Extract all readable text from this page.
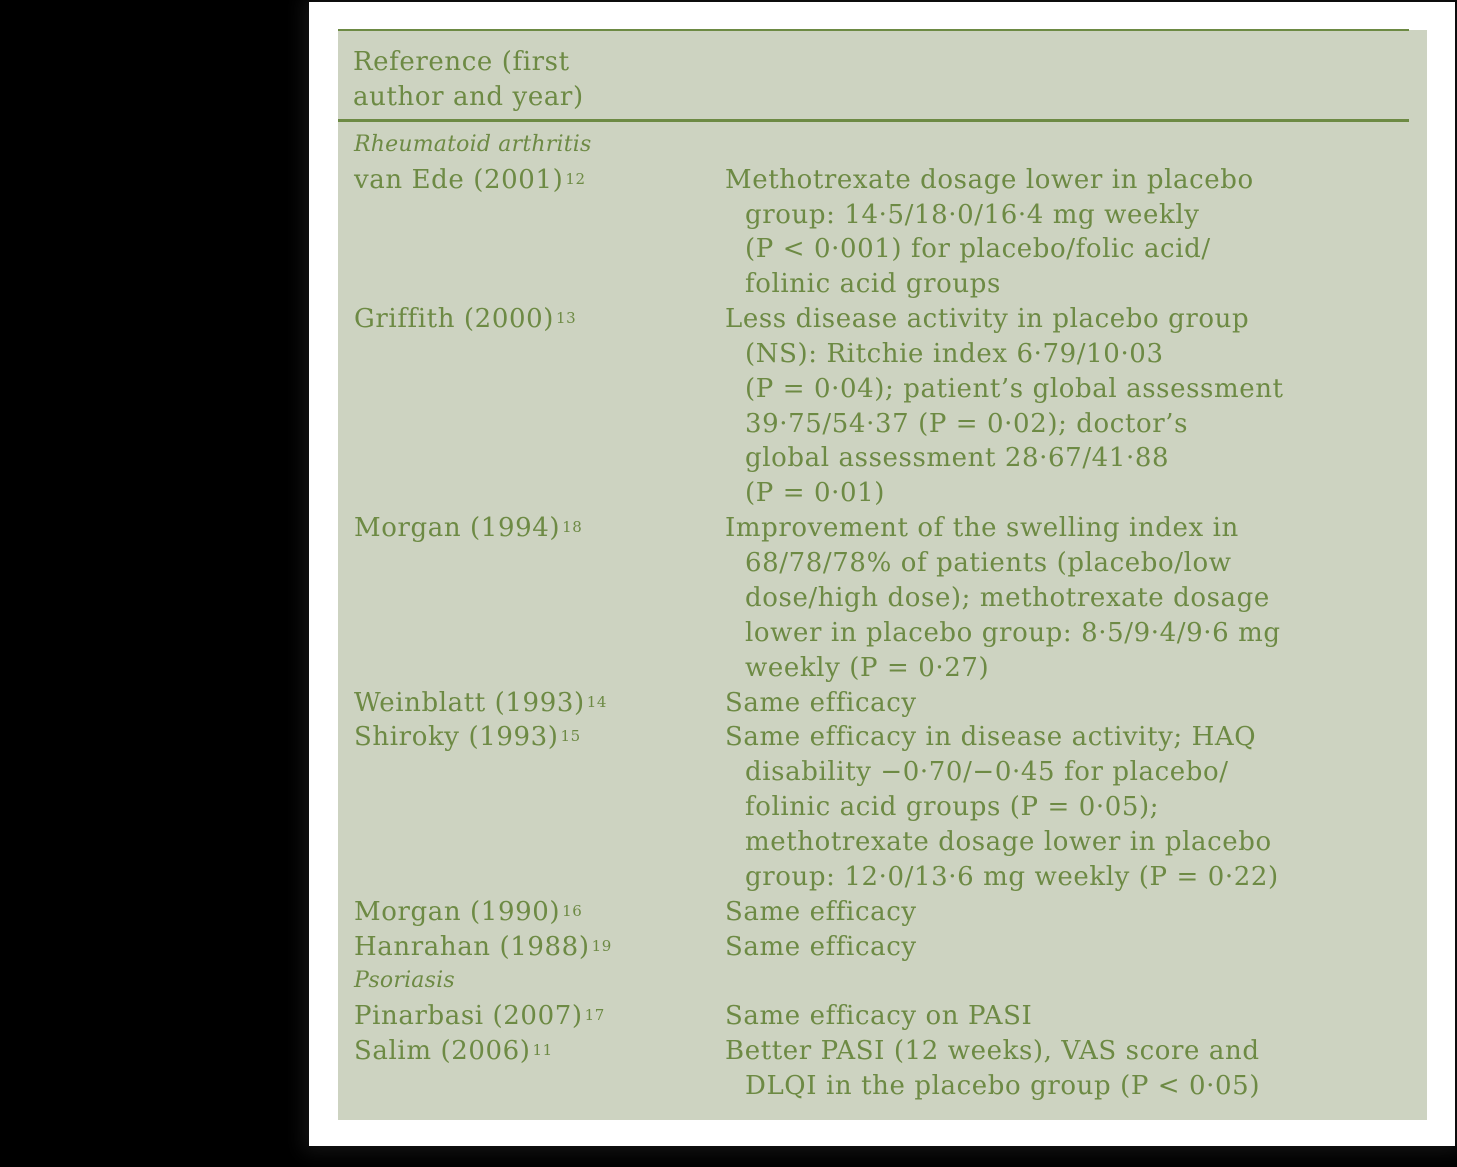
Reference (first author and year)
Rheumatoid arthritis
van Ede (2001) $^{12}$	Methotrexate dosage lower in placebo
group: 14·5/18·0/16·4 mg weekly
(P < 0·001) for placebo/folic acid/
folinic acid groups
Griffith (2000) $^{13}$	Less disease activity in placebo group
(NS): Ritchie index 6·79/10·03
(P = 0·04); patient’s global assessment
39·75/54·37 (P = 0·02); doctor’s
global assessment 28·67/41·88
(P = 0·01)
Morgan (1994) $^{18}$	Improvement of the swelling index in
68/78/78% of patients (placebo/low
dose/high dose); methotrexate dosage
lower in placebo group: 8·5/9·4/9·6 mg
weekly (P = 0·27)
Weinblatt (1993) $^{14}$	Same efficacy
Shiroky (1993) $^{15}$	Same efficacy in disease activity; HAQ
disability −0·70/−0·45 for placebo/
folinic acid groups (P = 0·05);
methotrexate dosage lower in placebo
group: 12·0/13·6 mg weekly (P = 0·22)
Morgan (1990) $^{16}$	Same efficacy
Hanrahan (1988) $^{19}$	Same efficacy
Psoriasis
Pinarbasi (2007) $^{17}$	Same efficacy on PASI
Salim (2006) $^{11}$	Better PASI (12 weeks), VAS score and
DLQI in the placebo group (P < 0·05)
